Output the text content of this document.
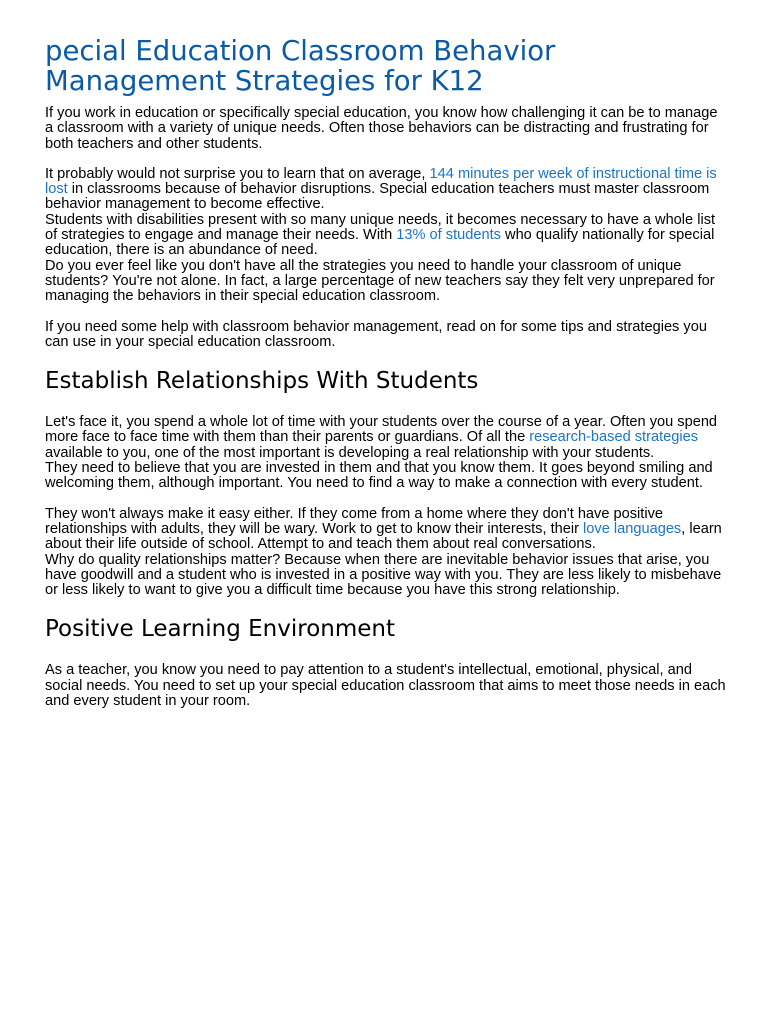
pecial Education Classroom Behavior Management Strategies for K12

If you work in education or specifically special education, you know how challenging it can be to manage a classroom with a variety of unique needs. Often those behaviors can be distracting and frustrating for both teachers and other students.

It probably would not surprise you to learn that on average, 144 minutes per week of instructional time is lost in classrooms because of behavior disruptions. Special education teachers must master classroom behavior management to become effective.

Students with disabilities present with so many unique needs, it becomes necessary to have a whole list of strategies to engage and manage their needs. With 13% of students who qualify nationally for special education, there is an abundance of need.

Do you ever feel like you don't have all the strategies you need to handle your classroom of unique students? You're not alone. In fact, a large percentage of new teachers say they felt very unprepared for managing the behaviors in their special education classroom.

If you need some help with classroom behavior management, read on for some tips and strategies you can use in your special education classroom.

Establish Relationships With Students

Let's face it, you spend a whole lot of time with your students over the course of a year. Often you spend more face to face time with them than their parents or guardians. Of all the research-based strategies available to you, one of the most important is developing a real relationship with your students.

They need to believe that you are invested in them and that you know them. It goes beyond smiling and welcoming them, although important. You need to find a way to make a connection with every student.

They won't always make it easy either. If they come from a home where they don't have positive relationships with adults, they will be wary. Work to get to know their interests, their love languages, learn about their life outside of school. Attempt to and teach them about real conversations.

Why do quality relationships matter? Because when there are inevitable behavior issues that arise, you have goodwill and a student who is invested in a positive way with you. They are less likely to misbehave or less likely to want to give you a difficult time because you have this strong relationship.

Positive Learning Environment

As a teacher, you know you need to pay attention to a student's intellectual, emotional, physical, and social needs. You need to set up your special education classroom that aims to meet those needs in each and every student in your room.
